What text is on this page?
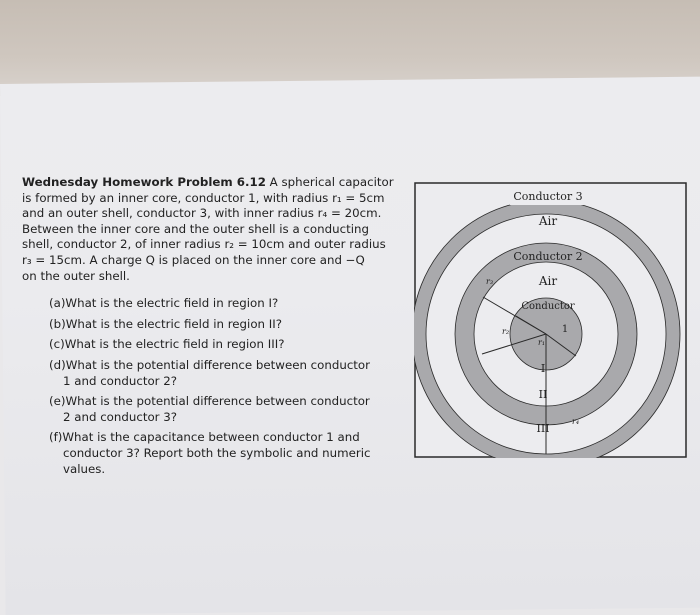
Wednesday Homework Problem 6.12 A spherical capacitor
is formed by an inner core, conductor 1, with radius r₁ = 5cm
and an outer shell, conductor 3, with inner radius r₄ = 20cm.
Between the inner core and the outer shell is a conducting
shell, conductor 2, of inner radius r₂ = 10cm and outer radius
r₃ = 15cm. A charge Q is placed on the inner core and −Q
on the outer shell.
(a)What is the electric field in region I?
(b)What is the electric field in region II?
(c)What is the electric field in region III?
(d)What is the potential difference between conductor
1 and conductor 2?
(e)What is the potential difference between conductor
2 and conductor 3?
(f)What is the capacitance between conductor 1 and
conductor 3? Report both the symbolic and numeric
values.
Conductor 3
Air
Conductor 2
Air
Conductor
1
I
II
III
r₃
r₂
r₁
r₄
